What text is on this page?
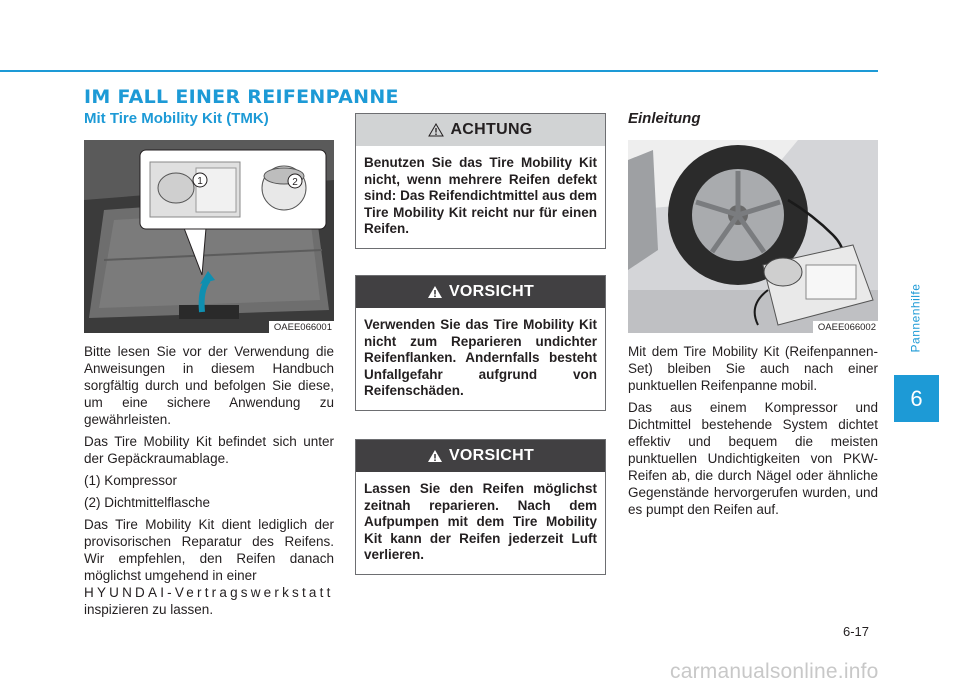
IM FALL EINER REIFENPANNE
Mit Tire Mobility Kit (TMK)
1	2
OAEE066001

Bitte lesen Sie vor der Verwendung die Anweisungen in diesem Handbuch sorgfältig durch und befolgen Sie diese, um eine sichere Anwendung zu gewährleisten.

Das Tire Mobility Kit befindet sich unter der Gepäckraumablage.

(1) Kompressor

(2) Dichtmittelflasche

Das Tire Mobility Kit dient lediglich der provisorischen Reparatur des Reifens. Wir empfehlen, den Reifen danach möglichst umgehend in einer
HYUNDAI-Vertragswerkstatt
inspizieren zu lassen.

ACHTUNG
Benutzen Sie das Tire Mobility Kit nicht, wenn mehrere Reifen defekt sind: Das Reifendichtmittel aus dem Tire Mobility Kit reicht nur für einen Reifen.
VORSICHT
Verwenden Sie das Tire Mobility Kit nicht zum Reparieren undichter Reifenflanken. Andernfalls besteht Unfallgefahr aufgrund von Reifenschäden.
VORSICHT
Lassen Sie den Reifen möglichst zeitnah reparieren. Nach dem Aufpumpen mit dem Tire Mobility Kit kann der Reifen jederzeit Luft verlieren.
Einleitung
OAEE066002

Mit dem Tire Mobility Kit (Reifenpannen-Set) bleiben Sie auch nach einer punktuellen Reifenpanne mobil.

Das aus einem Kompressor und Dichtmittel bestehende System dichtet effektiv und bequem die meisten punktuellen Undichtigkeiten von PKW-Reifen ab, die durch Nägel oder ähnliche Gegenstände hervorgerufen wurden, und es pumpt den Reifen auf.

Pannenhilfe
6
6-17
carmanualsonline.info
